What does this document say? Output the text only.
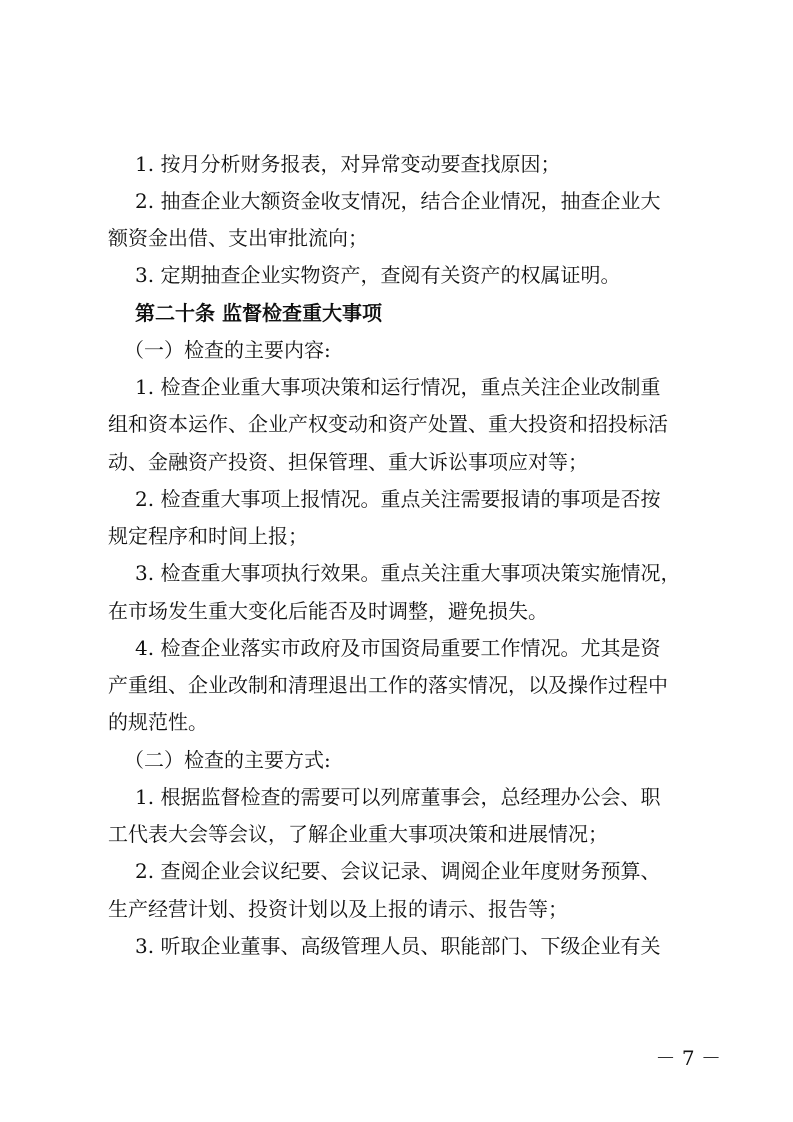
1. 按月分析财务报表，对异常变动要查找原因；
2. 抽查企业大额资金收支情况，结合企业情况，抽查企业大
额资金出借、支出审批流向；
3. 定期抽查企业实物资产，查阅有关资产的权属证明。
第二十条 监督检查重大事项
（一）检查的主要内容:
1. 检查企业重大事项决策和运行情况，重点关注企业改制重
组和资本运作、企业产权变动和资产处置、重大投资和招投标活
动、金融资产投资、担保管理、重大诉讼事项应对等；
2. 检查重大事项上报情况。重点关注需要报请的事项是否按
规定程序和时间上报；
3. 检查重大事项执行效果。重点关注重大事项决策实施情况，
在市场发生重大变化后能否及时调整，避免损失。
4. 检查企业落实市政府及市国资局重要工作情况。尤其是资
产重组、企业改制和清理退出工作的落实情况，以及操作过程中
的规范性。
（二）检查的主要方式:
1. 根据监督检查的需要可以列席董事会，总经理办公会、职
工代表大会等会议，了解企业重大事项决策和进展情况；
2. 查阅企业会议纪要、会议记录、调阅企业年度财务预算、
生产经营计划、投资计划以及上报的请示、报告等；
3. 听取企业董事、高级管理人员、职能部门、下级企业有关
－ 7 －
